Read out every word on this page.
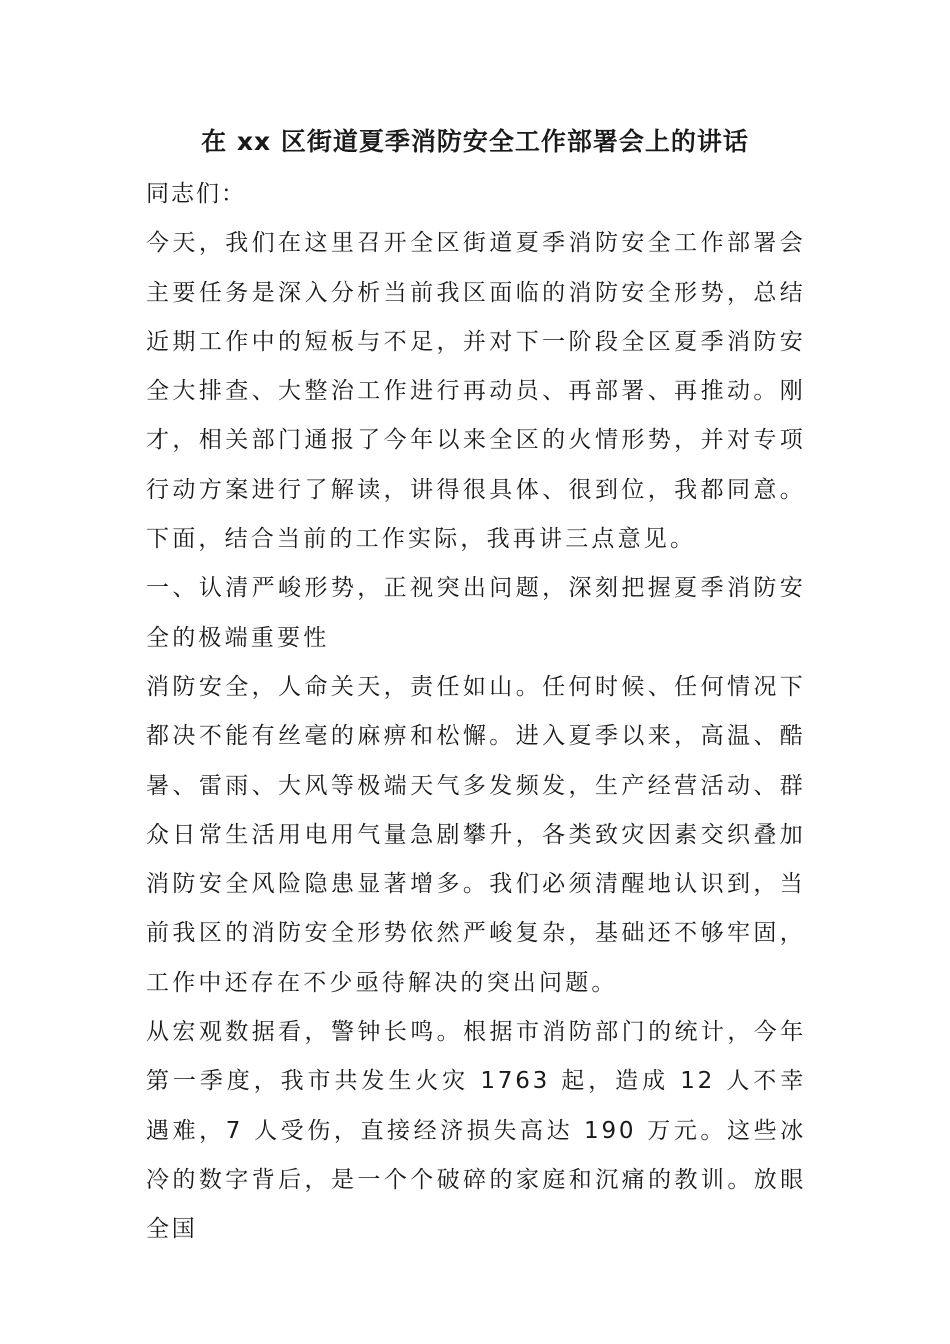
在 xx 区街道夏季消防安全工作部署会上的讲话

同志们：

今天，我们在这里召开全区街道夏季消防安全工作部署会主要任务是深入分析当前我区面临的消防安全形势，总结近期工作中的短板与不足，并对下一阶段全区夏季消防安全大排查、大整治工作进行再动员、再部署、再推动。刚才，相关部门通报了今年以来全区的火情形势，并对专项行动方案进行了解读，讲得很具体、很到位，我都同意。下面，结合当前的工作实际，我再讲三点意见。

一、认清严峻形势，正视突出问题，深刻把握夏季消防安全的极端重要性

消防安全，人命关天，责任如山。任何时候、任何情况下都决不能有丝毫的麻痹和松懈。进入夏季以来，高温、酷暑、雷雨、大风等极端天气多发频发，生产经营活动、群众日常生活用电用气量急剧攀升，各类致灾因素交织叠加消防安全风险隐患显著增多。我们必须清醒地认识到，当前我区的消防安全形势依然严峻复杂，基础还不够牢固，工作中还存在不少亟待解决的突出问题。

从宏观数据看，警钟长鸣。根据市消防部门的统计，今年第一季度，我市共发生火灾 1763 起，造成 12 人不幸遇难，7 人受伤，直接经济损失高达 190 万元。这些冰冷的数字背后，是一个个破碎的家庭和沉痛的教训。放眼全国
